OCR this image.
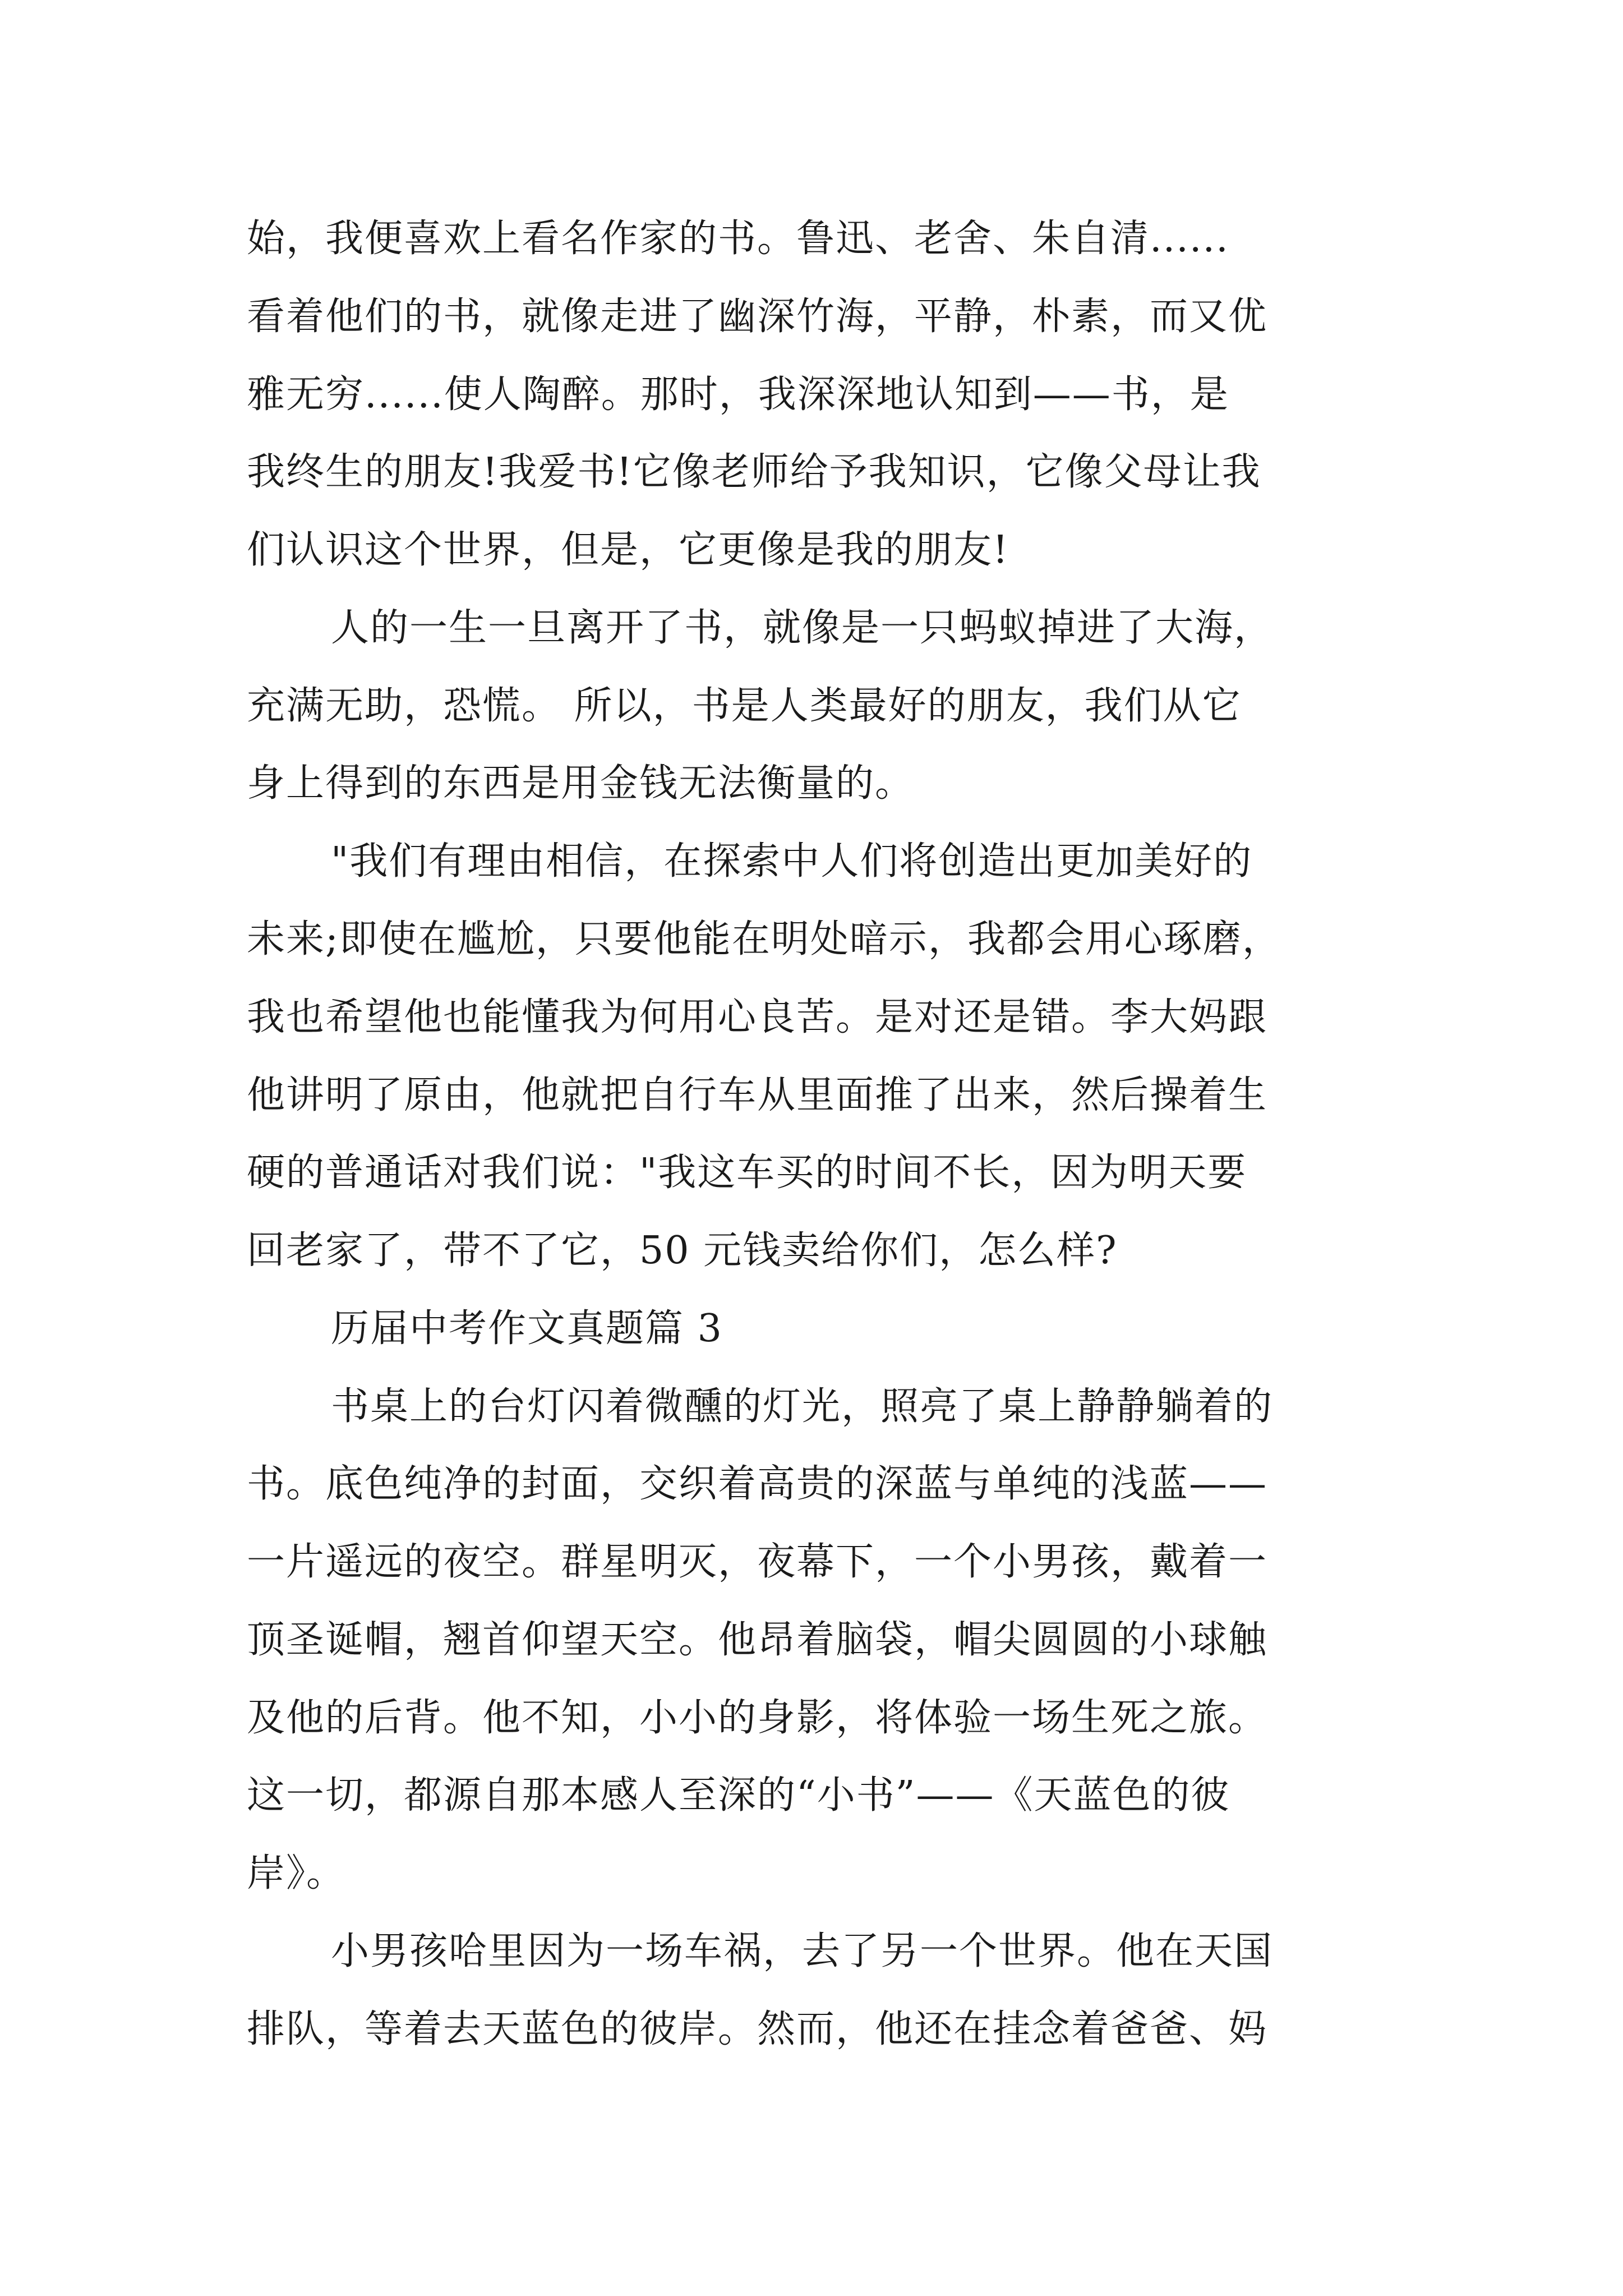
始，我便喜欢上看名作家的书。鲁迅、老舍、朱自清......
看着他们的书，就像走进了幽深竹海，平静，朴素，而又优
雅无穷......使人陶醉。那时，我深深地认知到——书，是
我终生的朋友!我爱书!它像老师给予我知识，它像父母让我
们认识这个世界，但是，它更像是我的朋友!
人的一生一旦离开了书，就像是一只蚂蚁掉进了大海，
充满无助，恐慌。 所以，书是人类最好的朋友，我们从它
身上得到的东西是用金钱无法衡量的。
"我们有理由相信，在探索中人们将创造出更加美好的
未来;即使在尴尬，只要他能在明处暗示，我都会用心琢磨，
我也希望他也能懂我为何用心良苦。是对还是错。李大妈跟
他讲明了原由，他就把自行车从里面推了出来，然后操着生
硬的普通话对我们说："我这车买的时间不长，因为明天要
回老家了，带不了它，50 元钱卖给你们，怎么样?
历届中考作文真题篇 3
书桌上的台灯闪着微醺的灯光，照亮了桌上静静躺着的
书。底色纯净的封面，交织着高贵的深蓝与单纯的浅蓝——
一片遥远的夜空。群星明灭，夜幕下，一个小男孩，戴着一
顶圣诞帽，翘首仰望天空。他昂着脑袋，帽尖圆圆的小球触
及他的后背。他不知，小小的身影，将体验一场生死之旅。
这一切，都源自那本感人至深的“小书”——《天蓝色的彼
岸》。
小男孩哈里因为一场车祸，去了另一个世界。他在天国
排队，等着去天蓝色的彼岸。然而，他还在挂念着爸爸、妈
